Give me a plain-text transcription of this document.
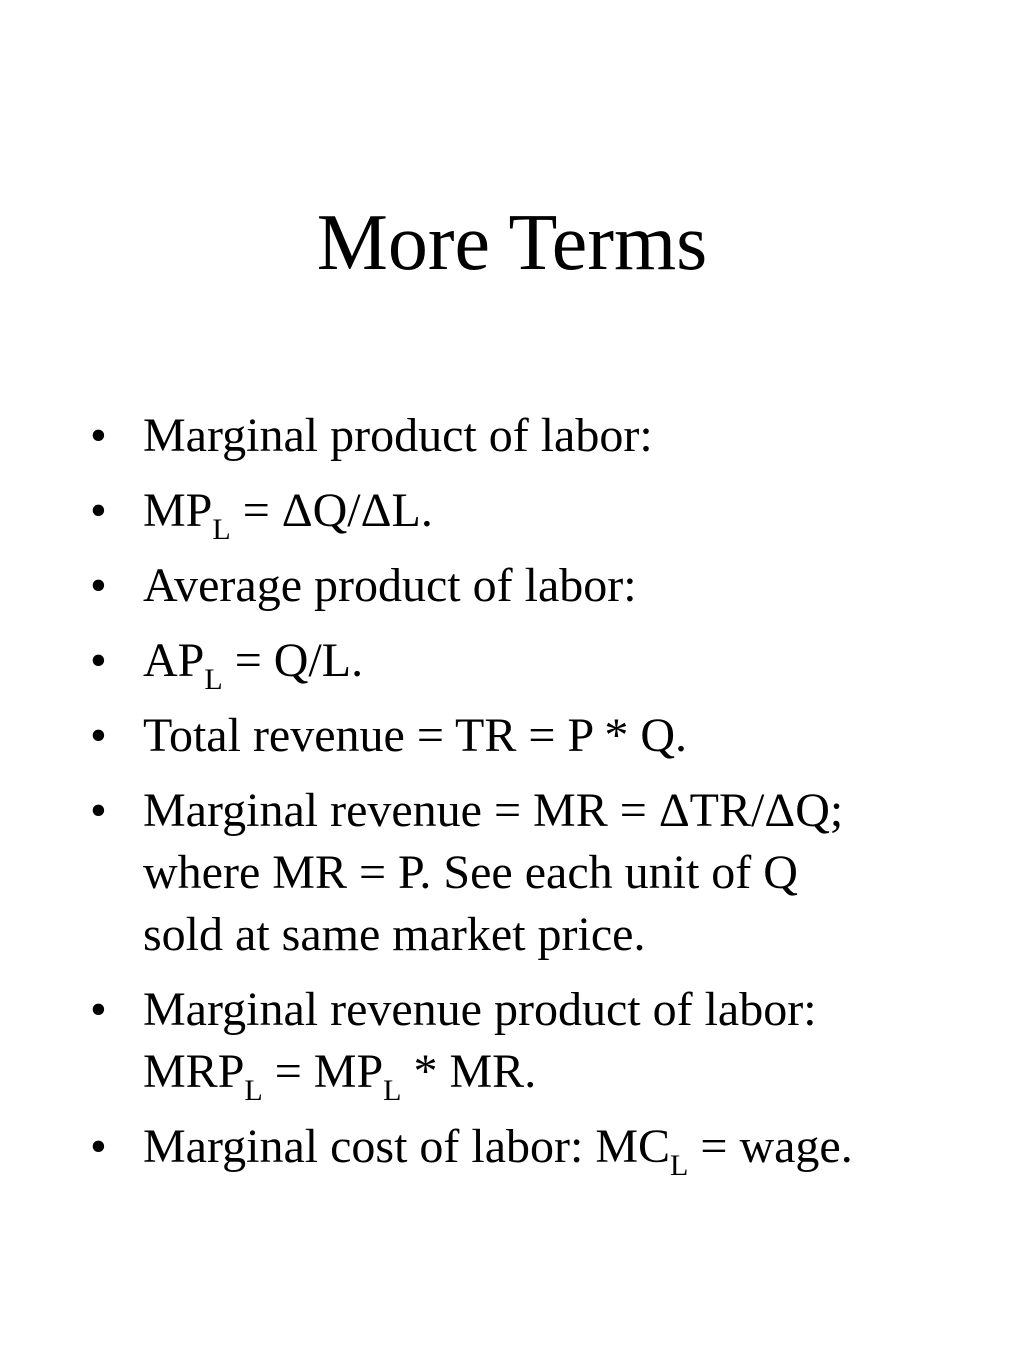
More Terms
• Marginal product of labor:
• $MP_L = \Delta Q/\Delta L$.
• Average product of labor:
• $AP_L = Q/L$.
• Total revenue = TR = P * Q.
• Marginal revenue = MR = ΔTR/ΔQ;
where MR = P. See each unit of Q
sold at same market price.
• Marginal revenue product of labor:
$MRP_L = MP_L$ * MR.
• Marginal cost of labor: $MC_L$ = wage.
